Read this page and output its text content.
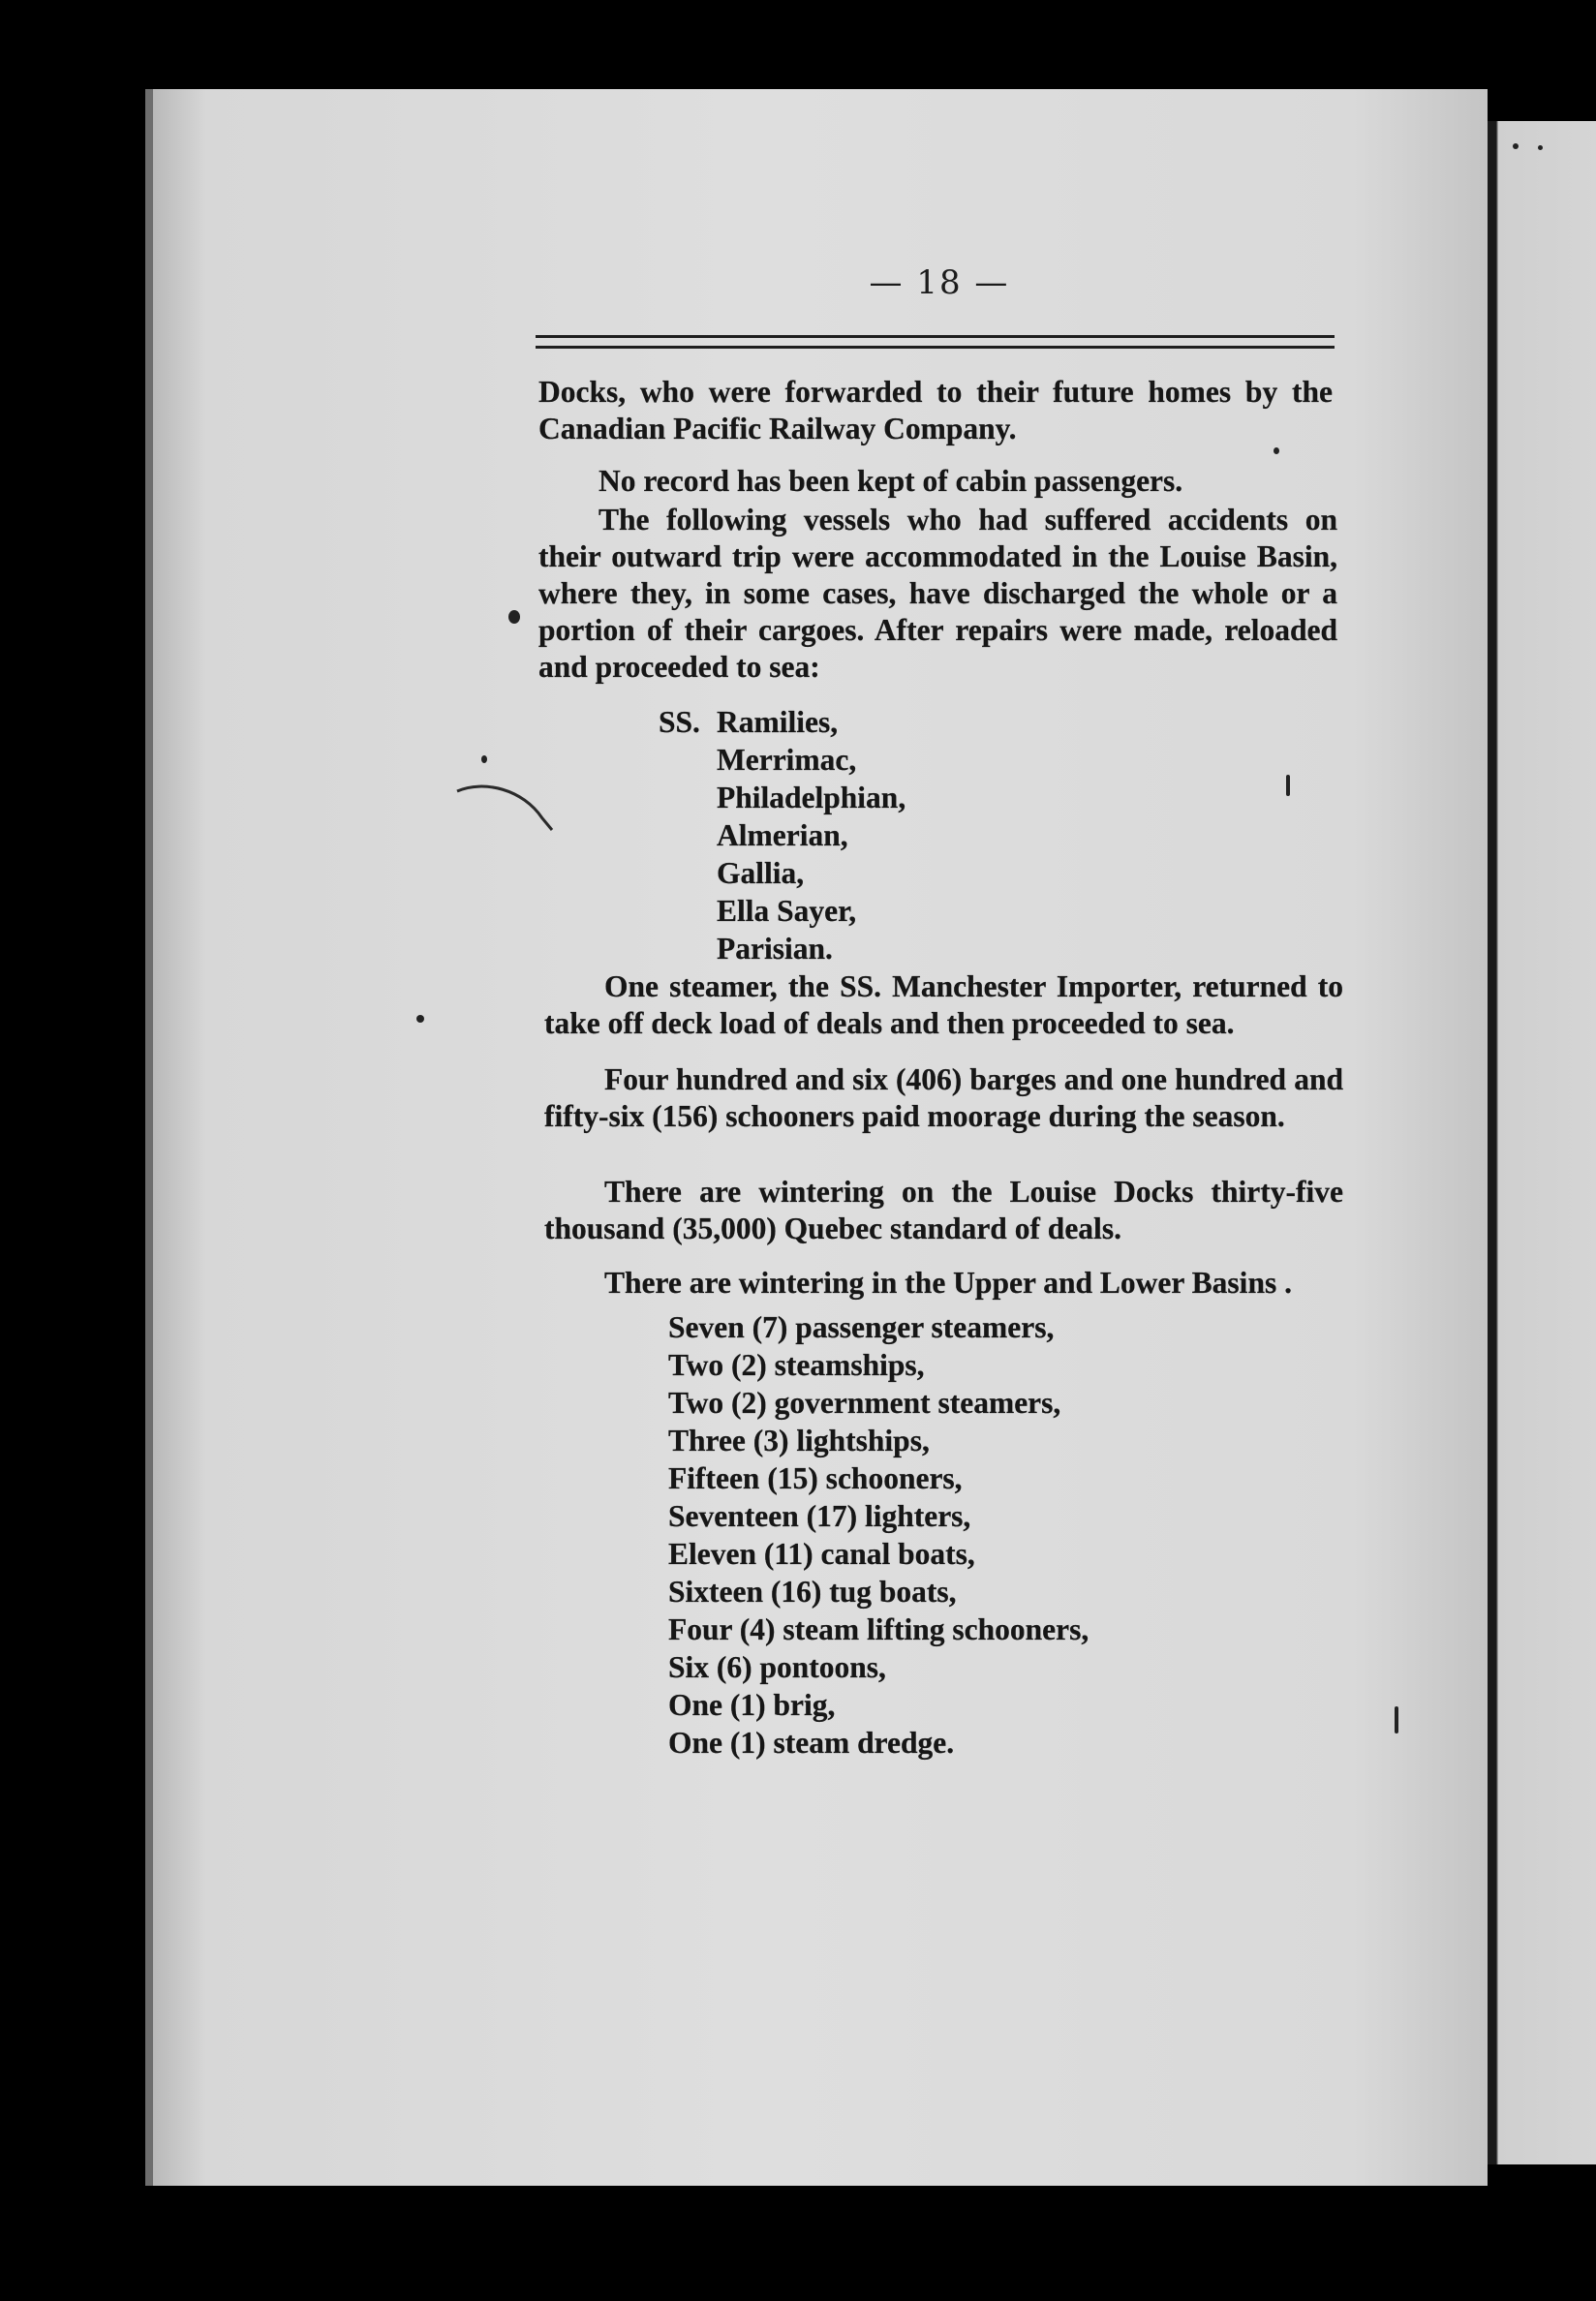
— 18 —

Docks, who were forwarded to their future homes by the Canadian Pacific Railway Company.

No record has been kept of cabin passengers.

The following vessels who had suffered accidents on their outward trip were accommodated in the Louise Basin, where they, in some cases, have discharged the whole or a portion of their cargoes. After repairs were made, reloaded and proceeded to sea:

SS. Ramilies,
Merrimac,
Philadelphian,
Almerian,
Gallia,
Ella Sayer,
Parisian.

One steamer, the SS. Manchester Importer, returned to take off deck load of deals and then proceeded to sea.

Four hundred and six (406) barges and one hundred and fifty-six (156) schooners paid moorage during the season.

There are wintering on the Louise Docks thirty-five thousand (35,000) Quebec standard of deals.

There are wintering in the Upper and Lower Basins .

Seven (7) passenger steamers,
Two (2) steamships,
Two (2) government steamers,
Three (3) lightships,
Fifteen (15) schooners,
Seventeen (17) lighters,
Eleven (11) canal boats,
Sixteen (16) tug boats,
Four (4) steam lifting schooners,
Six (6) pontoons,
One (1) brig,
One (1) steam dredge.
